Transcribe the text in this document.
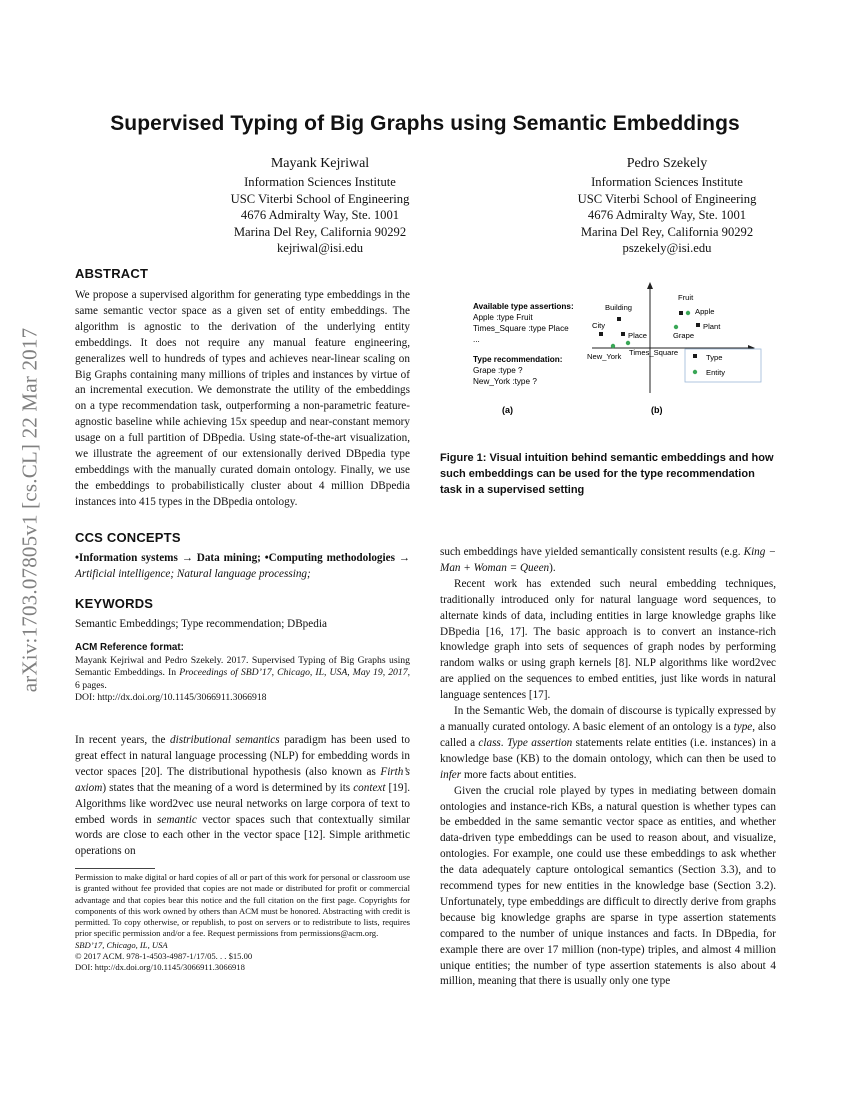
arXiv:1703.07805v1 [cs.CL] 22 Mar 2017
Supervised Typing of Big Graphs using Semantic Embeddings
Mayank Kejriwal
Information Sciences Institute
USC Viterbi School of Engineering
4676 Admiralty Way, Ste. 1001
Marina Del Rey, California 90292
kejriwal@isi.edu
Pedro Szekely
Information Sciences Institute
USC Viterbi School of Engineering
4676 Admiralty Way, Ste. 1001
Marina Del Rey, California 90292
pszekely@isi.edu
ABSTRACT

We propose a supervised algorithm for generating type embeddings in the same semantic vector space as a given set of entity embeddings. The algorithm is agnostic to the derivation of the underlying entity embeddings. It does not require any manual feature engineering, generalizes well to hundreds of types and achieves near-linear scaling on Big Graphs containing many millions of triples and instances by virtue of an incremental execution. We demonstrate the utility of the embeddings on a type recommendation task, outperforming a non-parametric feature-agnostic baseline while achieving 15x speedup and near-constant memory usage on a full partition of DBpedia. Using state-of-the-art visualization, we illustrate the agreement of our extensionally derived DBpedia type embeddings with the manually curated domain ontology. Finally, we use the embeddings to probabilistically cluster about 4 million DBpedia instances into 415 types in the DBpedia ontology.

CCS CONCEPTS

•Information systems → Data mining; •Computing methodologies → Artificial intelligence; Natural language processing;

KEYWORDS

Semantic Embeddings; Type recommendation; DBpedia

ACM Reference format:
Mayank Kejriwal and Pedro Szekely. 2017. Supervised Typing of Big Graphs using Semantic Embeddings. In Proceedings of SBD’17, Chicago, IL, USA, May 19, 2017, 6 pages.
DOI: http://dx.doi.org/10.1145/3066911.3066918

In recent years, the distributional semantics paradigm has been used to great effect in natural language processing (NLP) for embedding words in vector spaces [20]. The distributional hypothesis (also known as Firth’s axiom) states that the meaning of a word is determined by its context [19]. Algorithms like word2vec use neural networks on large corpora of text to embed words in semantic vector spaces such that contextually similar words are close to each other in the vector space [12]. Simple arithmetic operations on

Permission to make digital or hard copies of all or part of this work for personal or classroom use is granted without fee provided that copies are not made or distributed for profit or commercial advantage and that copies bear this notice and the full citation on the first page. Copyrights for components of this work owned by others than ACM must be honored. Abstracting with credit is permitted. To copy otherwise, or republish, to post on servers or to redistribute to lists, requires prior specific permission and/or a fee. Request permissions from permissions@acm.org.
SBD’17, Chicago, IL, USA
© 2017 ACM. 978-1-4503-4987-1/17/05. . . $15.00
DOI: http://dx.doi.org/10.1145/3066911.3066918
Available type assertions:
Apple :type Fruit
Times_Square :type Place
...
Type recommendation:
Grape :type ?
New_York :type ?
(a)
Building
City
Place
Fruit
Plant
New_York Times_Square
Apple
Grape
Type
Entity
(b)
Figure 1: Visual intuition behind semantic embeddings and how such embeddings can be used for the type recommendation task in a supervised setting

such embeddings have yielded semantically consistent results (e.g. King − Man + Woman = Queen).

Recent work has extended such neural embedding techniques, traditionally introduced only for natural language word sequences, to alternate kinds of data, including entities in large knowledge graphs like DBpedia [16, 17]. The basic approach is to convert an instance-rich knowledge graph into sets of sequences of graph nodes by performing random walks or using graph kernels [8]. NLP algorithms like word2vec are applied on the sequences to embed entities, just like words in natural language sentences [17].

In the Semantic Web, the domain of discourse is typically expressed by a manually curated ontology. A basic element of an ontology is a type, also called a class. Type assertion statements relate entities (i.e. instances) in a knowledge base (KB) to the domain ontology, which can then be used to infer more facts about entities.

Given the crucial role played by types in mediating between domain ontologies and instance-rich KBs, a natural question is whether types can be embedded in the same semantic vector space as entities, and whether data-driven type embeddings can be used to reason about, and visualize, ontologies. For example, one could use these embeddings to ask whether the data adequately capture ontological semantics (Section 3.3), and to recommend types for new entities in the knowledge base (Section 3.2). Unfortunately, type embeddings are difficult to directly derive from graphs because big knowledge graphs are sparse in type assertion statements compared to the number of unique instances and facts. In DBpedia, for example there are over 17 million (non-type) triples, and almost 4 million unique entities; the number of type assertion statements is also about 4 million, meaning that there is usually only one type
